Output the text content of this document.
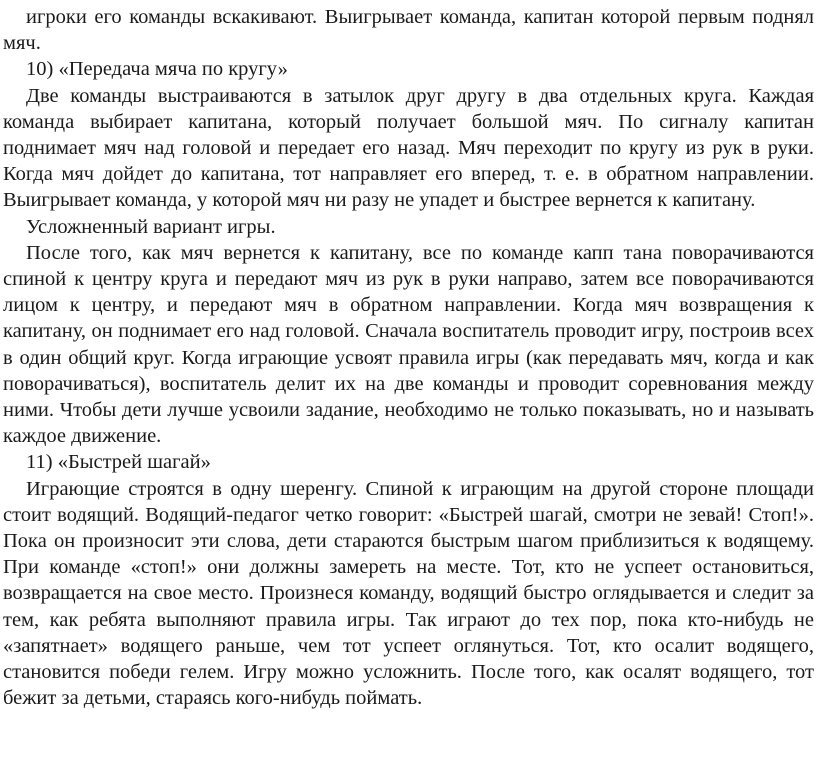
игроки его команды вскакивают. Выигрывает команда, капитан которой первым поднял мяч.

10) «Передача мяча по кругу»

Две команды выстраиваются в затылок друг другу в два отдельных круга. Каждая команда выбирает капитана, который получает большой мяч. По сигналу капитан поднимает мяч над головой и передает его назад. Мяч переходит по кругу из рук в руки. Когда мяч дойдет до капитана, тот направляет его вперед, т. е. в обратном направлении. Выигрывает команда, у которой мяч ни разу не упадет и быстрее вернется к капитану.

Усложненный вариант игры.

После того, как мяч вернется к капитану, все по команде капп тана поворачиваются спиной к центру круга и передают мяч из рук в руки направо, затем все поворачиваются лицом к центру, и передают мяч в обратном направлении. Когда мяч возвращения к капитану, он поднимает его над головой. Сначала воспитатель проводит игру, построив всех в один общий круг. Когда играющие усвоят правила игры (как передавать мяч, когда и как поворачиваться), воспитатель делит их на две команды и проводит соревнования между ними. Чтобы дети лучше усвоили задание, необходимо не только показывать, но и называть каждое движение.

11) «Быстрей шагай»

Играющие строятся в одну шеренгу. Спиной к играющим на другой стороне площади стоит водящий. Водящий-педагог четко говорит: «Быстрей шагай, смотри не зевай! Стоп!». Пока он произносит эти слова, дети стараются быстрым шагом приблизиться к водящему. При команде «стоп!» они должны замереть на месте. Тот, кто не успеет остановиться, возвращается на свое место. Произнеся команду, водящий быстро оглядывается и следит за тем, как ребята выполняют правила игры. Так играют до тех пор, пока кто-нибудь не «запятнает» водящего раньше, чем тот успеет оглянуться. Тот, кто осалит водящего, становится победи гелем. Игру можно усложнить. После того, как осалят водящего, тот бежит за детьми, стараясь кого-нибудь поймать.
